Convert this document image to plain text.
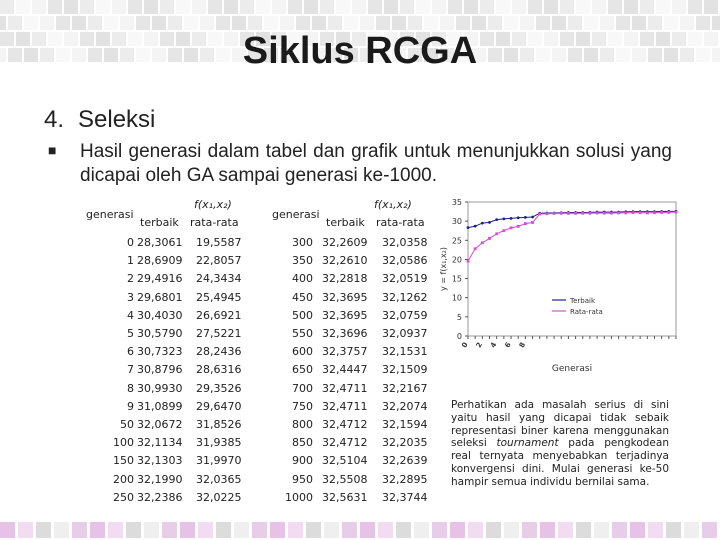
Siklus RCGA
4. Seleksi
■ Hasil generasi dalam tabel dan grafik untuk menunjukkan solusi yang dicapai oleh GA sampai generasi ke-1000.
generasi
f(x₁,x₂)
terbaik rata-rata
0 28,3061 19,5587
1 28,6909 22,8057
2 29,4916 24,3434
3 29,6801 25,4945
4 30,4030 26,6921
5 30,5790 27,5221
6 30,7323 28,2436
7 30,8796 28,6316
8 30,9930 29,3526
9 31,0899 29,6470
50 32,0672 31,8526
100 32,1134 31,9385
150 32,1303 31,9970
200 32,1990 32,0365
250 32,2386 32,0225
generasi
f(x₁,x₂)
terbaik rata-rata
300 32,2609 32,0358
350 32,2610 32,0586
400 32,2818 32,0519
450 32,3695 32,1262
500 32,3695 32,0759
550 32,3696 32,0937
600 32,3757 32,1531
650 32,4447 32,1509
700 32,4711 32,2167
750 32,4711 32,2074
800 32,4712 32,1594
850 32,4712 32,2035
900 32,5104 32,2639
950 32,5508 32,2895
1000 32,5631 32,3744
0
5
10
15
20
25
30
35
y = f(x₁,x₂)
0 2 4 6 8
Generasi
Terbaik
Rata-rata
Perhatikan ada masalah serius di sini yaitu hasil yang dicapai tidak sebaik representasi biner karena menggunakan seleksi tournament pada pengkodean real ternyata menyebabkan terjadinya konvergensi dini. Mulai generasi ke-50 hampir semua individu bernilai sama.
